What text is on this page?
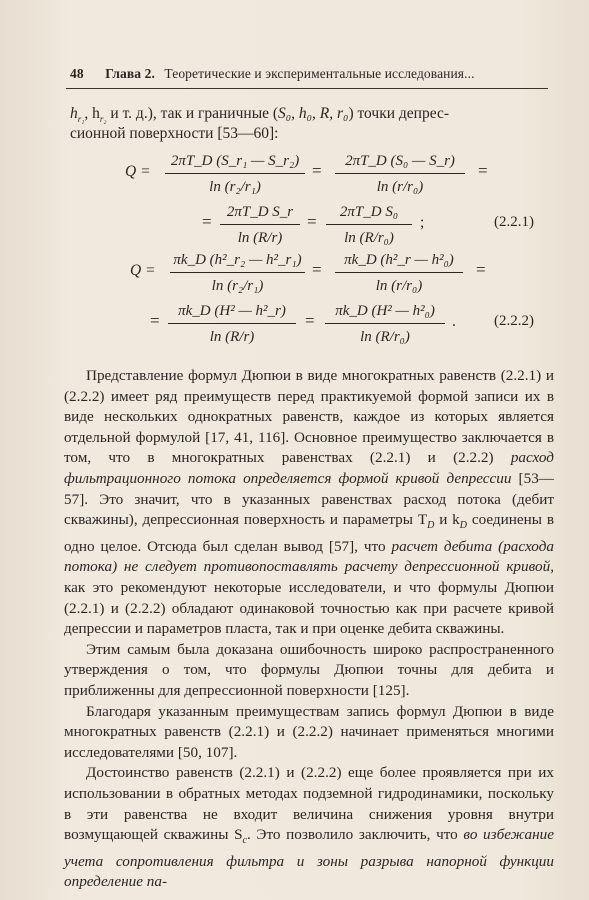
48 Глава 2. Теоретические и экспериментальные исследования...
$h_{r_1}$, $h_{r_2}$ и т. д.), так и граничные (S₀, h₀, R, r₀) точки депрес-
сионной поверхности [53—60]:
Q =
2πT_D (S_r₁ — S_r₂)
ln (r₂/r₁)
=	2πT_D (S₀ — S_r)
ln (r/r₀)
=
=	2πT_D S_r
ln (R/r)
=	2πT_D S₀
ln (R/r₀)
;	(2.2.1)
Q =
πk_D (h²_r₂ — h²_r₁)
ln (r₂/r₁)
=	πk_D (h²_r — h²₀)
ln (r/r₀)
=
=	πk_D (H² — h²_r)
ln (R/r)
=	πk_D (H² — h²₀)
ln (R/r₀)
.	(2.2.2)

Представление формул Дюпюи в виде многократных равенств (2.2.1) и (2.2.2) имеет ряд преимуществ перед практикуемой формой записи их в виде нескольких однократных равенств, каждое из которых является отдельной формулой [17, 41, 116]. Основное преимущество заключается в том, что в многократных равенствах (2.2.1) и (2.2.2) расход фильтрационного потока определяется формой кривой депрессии [53—57]. Это значит, что в указанных равенствах расход потока (дебит скважины), депрессионная поверхность и параметры $T_D$ и $k_D$ соединены в одно целое. Отсюда был сделан вывод [57], что расчет дебита (расхода потока) не следует противопоставлять расчету депрессионной кривой, как это рекомендуют некоторые исследователи, и что формулы Дюпюи (2.2.1) и (2.2.2) обладают одинаковой точностью как при расчете кривой депрессии и параметров пласта, так и при оценке дебита скважины.

Этим самым была доказана ошибочность широко распространенного утверждения о том, что формулы Дюпюи точны для дебита и приближенны для депрессионной поверхности [125].

Благодаря указанным преимуществам запись формул Дюпюи в виде многократных равенств (2.2.1) и (2.2.2) начинает применяться многими исследователями [50, 107].

Достоинство равенств (2.2.1) и (2.2.2) еще более проявляется при их использовании в обратных методах подземной гидродинамики, поскольку в эти равенства не входит величина снижения уровня внутри возмущающей скважины $S_c$. Это позволило заключить, что во избежание учета сопротивления фильтра и зоны разрыва напорной функции определение па-
